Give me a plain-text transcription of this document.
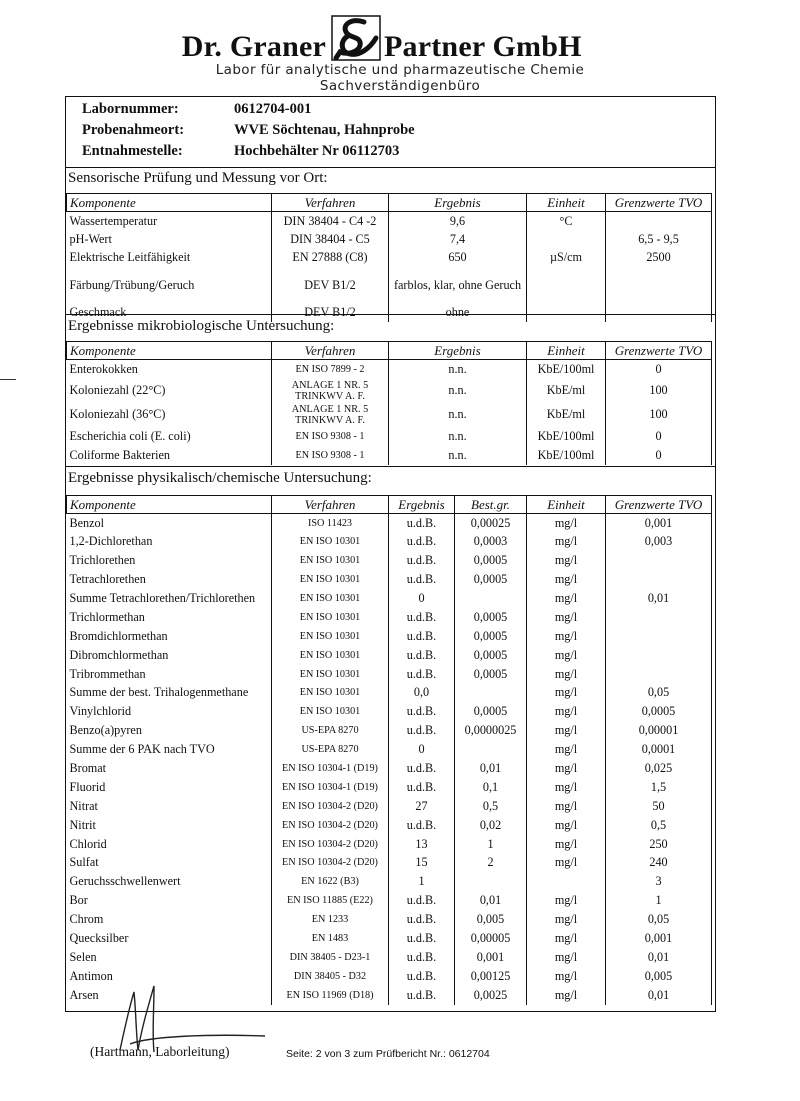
Dr. Graner Partner GmbH
Labor für analytische und pharmazeutische Chemie
Sachverständigenbüro
Labornummer:	0612704-001
Probenahmeort:	WVE Söchtenau, Hahnprobe
Entnahmestelle:	Hochbehälter Nr 06112703
Sensorische Prüfung und Messung vor Ort:
Komponente	Verfahren	Ergebnis	Einheit	Grenzwerte TVO
Wassertemperatur	DIN 38404 - C4 -2	9,6	°C	
pH-Wert	DIN 38404 - C5	7,4		6,5 - 9,5
Elektrische Leitfähigkeit	EN 27888 (C8)	650	µS/cm	2500
Färbung/Trübung/Geruch	DEV B1/2	farblos, klar, ohne Geruch		
Geschmack	DEV B1/2	ohne		
Ergebnisse mikrobiologische Untersuchung:
Komponente	Verfahren	Ergebnis	Einheit	Grenzwerte TVO
Enterokokken	EN ISO 7899 - 2	n.n.	KbE/100ml	0
Koloniezahl (22°C)	ANLAGE 1 NR. 5 TRINKWV A. F.	n.n.	KbE/ml	100
Koloniezahl (36°C)	ANLAGE 1 NR. 5 TRINKWV A. F.	n.n.	KbE/ml	100
Escherichia coli (E. coli)	EN ISO 9308 - 1	n.n.	KbE/100ml	0
Coliforme Bakterien	EN ISO 9308 - 1	n.n.	KbE/100ml	0
Ergebnisse physikalisch/chemische Untersuchung:
Komponente	Verfahren	Ergebnis	Best.gr.	Einheit	Grenzwerte TVO
Benzol	ISO 11423	u.d.B.	0,00025	mg/l	0,001
1,2-Dichlorethan	EN ISO 10301	u.d.B.	0,0003	mg/l	0,003
Trichlorethen	EN ISO 10301	u.d.B.	0,0005	mg/l	
Tetrachlorethen	EN ISO 10301	u.d.B.	0,0005	mg/l	
Summe Tetrachlorethen/Trichlorethen	EN ISO 10301	0		mg/l	0,01
Trichlormethan	EN ISO 10301	u.d.B.	0,0005	mg/l	
Bromdichlormethan	EN ISO 10301	u.d.B.	0,0005	mg/l	
Dibromchlormethan	EN ISO 10301	u.d.B.	0,0005	mg/l	
Tribrommethan	EN ISO 10301	u.d.B.	0,0005	mg/l	
Summe der best. Trihalogenmethane	EN ISO 10301	0,0		mg/l	0,05
Vinylchlorid	EN ISO 10301	u.d.B.	0,0005	mg/l	0,0005
Benzo(a)pyren	US-EPA 8270	u.d.B.	0,0000025	mg/l	0,00001
Summe der 6 PAK nach TVO	US-EPA 8270	0		mg/l	0,0001
Bromat	EN ISO 10304-1 (D19)	u.d.B.	0,01	mg/l	0,025
Fluorid	EN ISO 10304-1 (D19)	u.d.B.	0,1	mg/l	1,5
Nitrat	EN ISO 10304-2 (D20)	27	0,5	mg/l	50
Nitrit	EN ISO 10304-2 (D20)	u.d.B.	0,02	mg/l	0,5
Chlorid	EN ISO 10304-2 (D20)	13	1	mg/l	250
Sulfat	EN ISO 10304-2 (D20)	15	2	mg/l	240
Geruchsschwellenwert	EN 1622 (B3)	1			3
Bor	EN ISO 11885 (E22)	u.d.B.	0,01	mg/l	1
Chrom	EN 1233	u.d.B.	0,005	mg/l	0,05
Quecksilber	EN 1483	u.d.B.	0,00005	mg/l	0,001
Selen	DIN 38405 - D23-1	u.d.B.	0,001	mg/l	0,01
Antimon	DIN 38405 - D32	u.d.B.	0,00125	mg/l	0,005
Arsen	EN ISO 11969 (D18)	u.d.B.	0,0025	mg/l	0,01
(Hartmann, Laborleitung)	Seite: 2 von 3 zum Prüfbericht Nr.: 0612704
